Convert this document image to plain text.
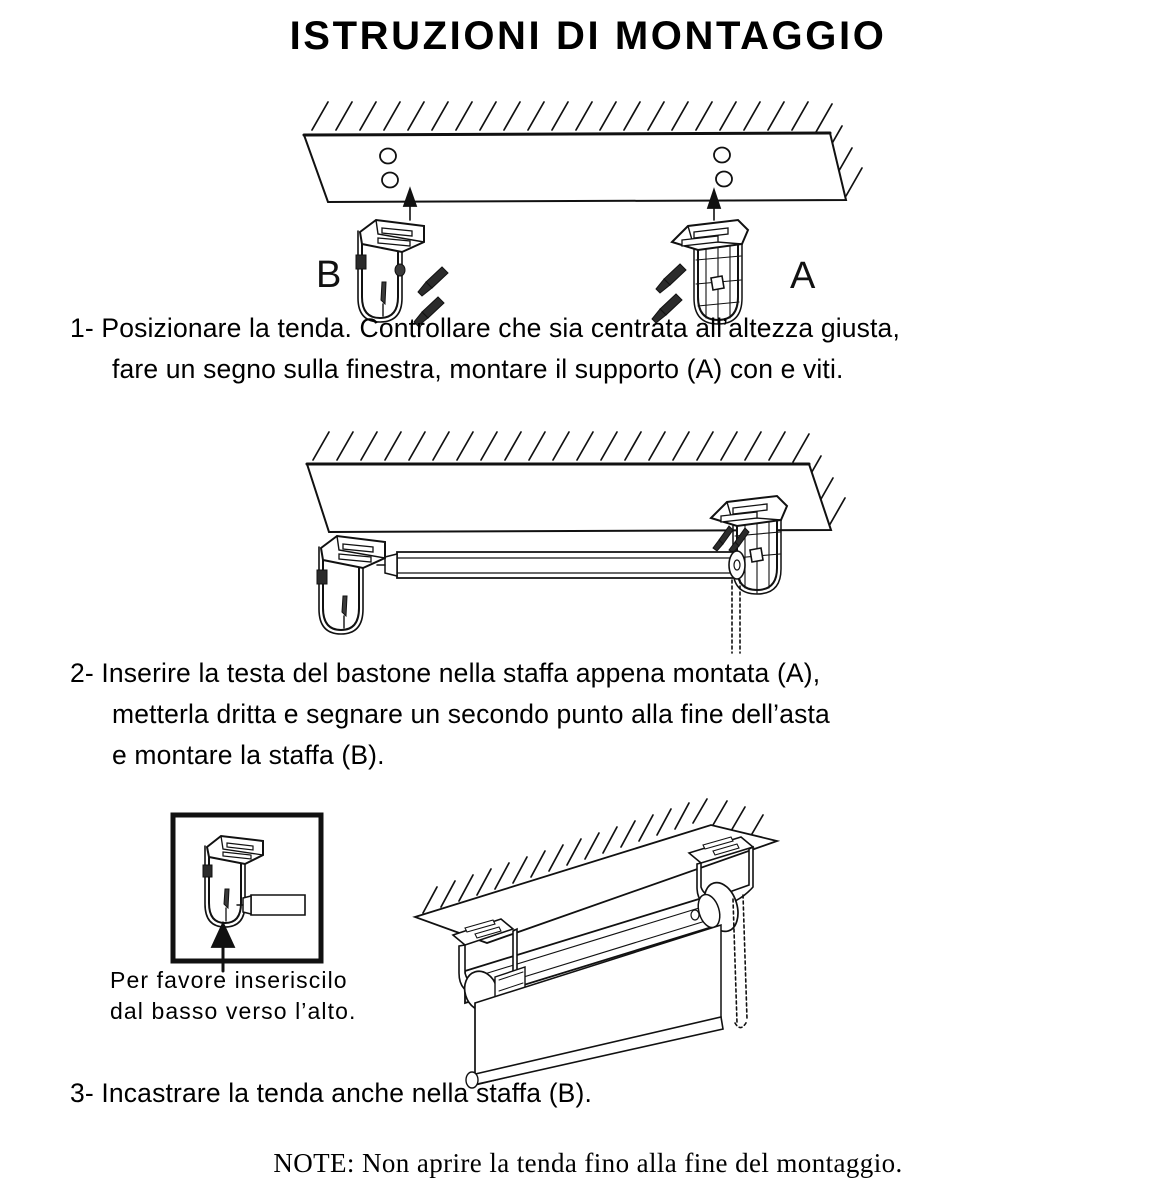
ISTRUZIONI DI MONTAGGIO
B	A
1- Posizionare la tenda. Controllare che sia centrata all’altezza giusta,
fare un segno sulla finestra, montare il supporto (A) con e viti.
2- Inserire la testa del bastone nella staffa appena montata (A),
metterla dritta e segnare un secondo punto alla fine dell’asta
e montare la staffa (B).
Per favore inseriscilo
dal basso verso l’alto.
3- Incastrare la tenda anche nella staffa (B).
NOTE: Non aprire la tenda fino alla fine del montaggio.
